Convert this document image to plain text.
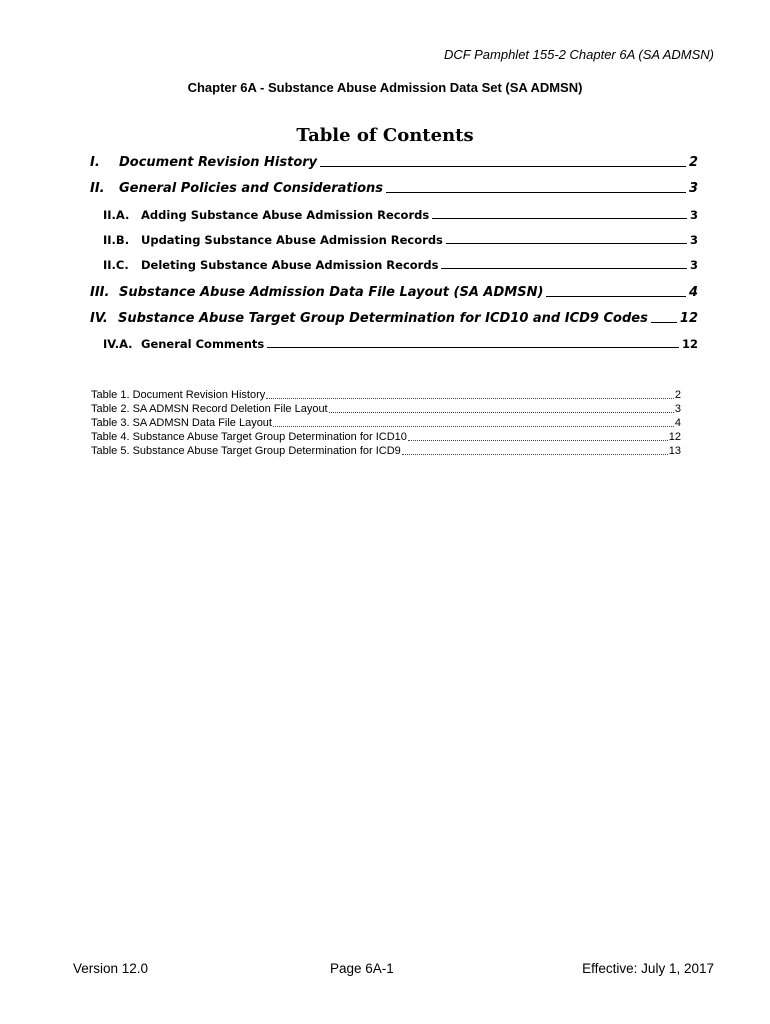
DCF Pamphlet 155-2 Chapter 6A (SA ADMSN)
Chapter 6A - Substance Abuse Admission Data Set (SA ADMSN)
Table of Contents
I.	Document Revision History	2
II.	General Policies and Considerations	3
II.A.	Adding Substance Abuse Admission Records	3
II.B.	Updating Substance Abuse Admission Records	3
II.C.	Deleting Substance Abuse Admission Records	3
III. Substance Abuse Admission Data File Layout (SA ADMSN)	4
IV. Substance Abuse Target Group Determination for ICD10 and ICD9 Codes 12
IV.A. General Comments	12
Table 1. Document Revision History	2
Table 2. SA ADMSN Record Deletion File Layout	3
Table 3. SA ADMSN Data File Layout	4
Table 4. Substance Abuse Target Group Determination for ICD10	12
Table 5. Substance Abuse Target Group Determination for ICD9	13
Version 12.0	Page 6A-1	Effective: July 1, 2017
